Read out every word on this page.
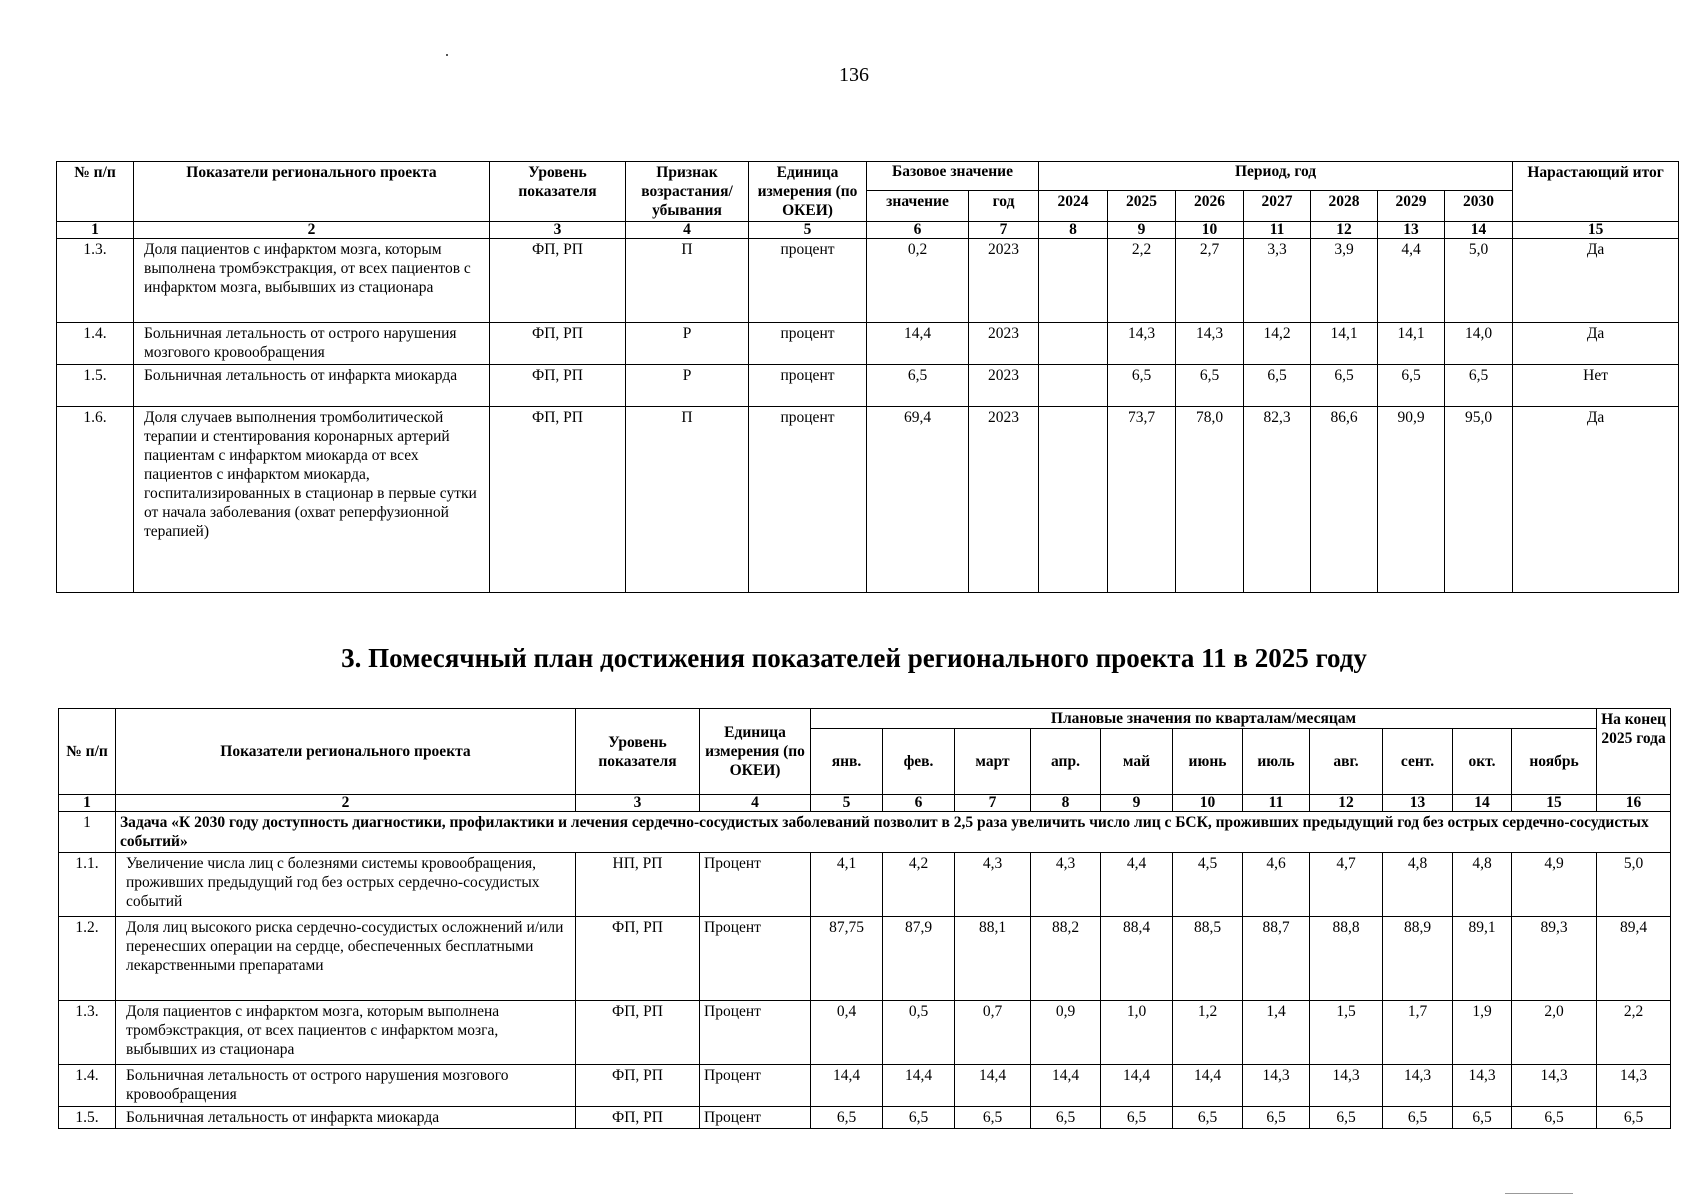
136
№ п/п	Показатели регионального проекта	Уровень показателя	Признак возрастания/ убывания	Единица измерения (по ОКЕИ)	Базовое значение		Период, год							Нарастающий итог
					значение	год	2024	2025	2026	2027	2028	2029	2030	
1	2	3	4	5	6	7	8	9	10	11	12	13	14	15
1.3.	Доля пациентов с инфарктом мозга, которым выполнена тромбэкстракция, от всех пациентов с инфарктом мозга, выбывших из стационара	ФП, РП	П	процент	0,2	2023		2,2	2,7	3,3	3,9	4,4	5,0	Да
1.4.	Больничная летальность от острого нарушения мозгового кровообращения	ФП, РП	Р	процент	14,4	2023		14,3	14,3	14,2	14,1	14,1	14,0	Да
1.5.	Больничная летальность от инфаркта миокарда	ФП, РП	Р	процент	6,5	2023		6,5	6,5	6,5	6,5	6,5	6,5	Нет
1.6.	Доля случаев выполнения тромболитической терапии и стентирования коронарных артерий пациентам с инфарктом миокарда от всех пациентов с инфарктом миокарда, госпитализированных в стационар в первые сутки от начала заболевания (охват реперфузионной терапией)	ФП, РП	П	процент	69,4	2023		73,7	78,0	82,3	86,6	90,9	95,0	Да
3. Помесячный план достижения показателей регионального проекта 11 в 2025 году
№ п/п	Показатели регионального проекта	Уровень показателя	Единица измерения (по ОКЕИ)	Плановые значения по кварталам/месяцам											На конец 2025 года
				янв.	фев.	март	апр.	май	июнь	июль	авг.	сент.	окт.	ноябрь	
1	2	3	4	5	6	7	8	9	10	11	12	13	14	15	16
1	Задача «К 2030 году доступность диагностики, профилактики и лечения сердечно-сосудистых заболеваний позволит в 2,5 раза увеличить число лиц с БСК, проживших предыдущий год без острых сердечно-сосудистых событий»														
1.1.	Увеличение числа лиц с болезнями системы кровообращения, проживших предыдущий год без острых сердечно-сосудистых событий	НП, РП	Процент	4,1	4,2	4,3	4,3	4,4	4,5	4,6	4,7	4,8	4,8	4,9	5,0
1.2.	Доля лиц высокого риска сердечно-сосудистых осложнений и/или перенесших операции на сердце, обеспеченных бесплатными лекарственными препаратами	ФП, РП	Процент	87,75	87,9	88,1	88,2	88,4	88,5	88,7	88,8	88,9	89,1	89,3	89,4
1.3.	Доля пациентов с инфарктом мозга, которым выполнена тромбэкстракция, от всех пациентов с инфарктом мозга, выбывших из стационара	ФП, РП	Процент	0,4	0,5	0,7	0,9	1,0	1,2	1,4	1,5	1,7	1,9	2,0	2,2
1.4.	Больничная летальность от острого нарушения мозгового кровообращения	ФП, РП	Процент	14,4	14,4	14,4	14,4	14,4	14,4	14,3	14,3	14,3	14,3	14,3	14,3
1.5.	Больничная летальность от инфаркта миокарда	ФП, РП	Процент	6,5	6,5	6,5	6,5	6,5	6,5	6,5	6,5	6,5	6,5	6,5	6,5
